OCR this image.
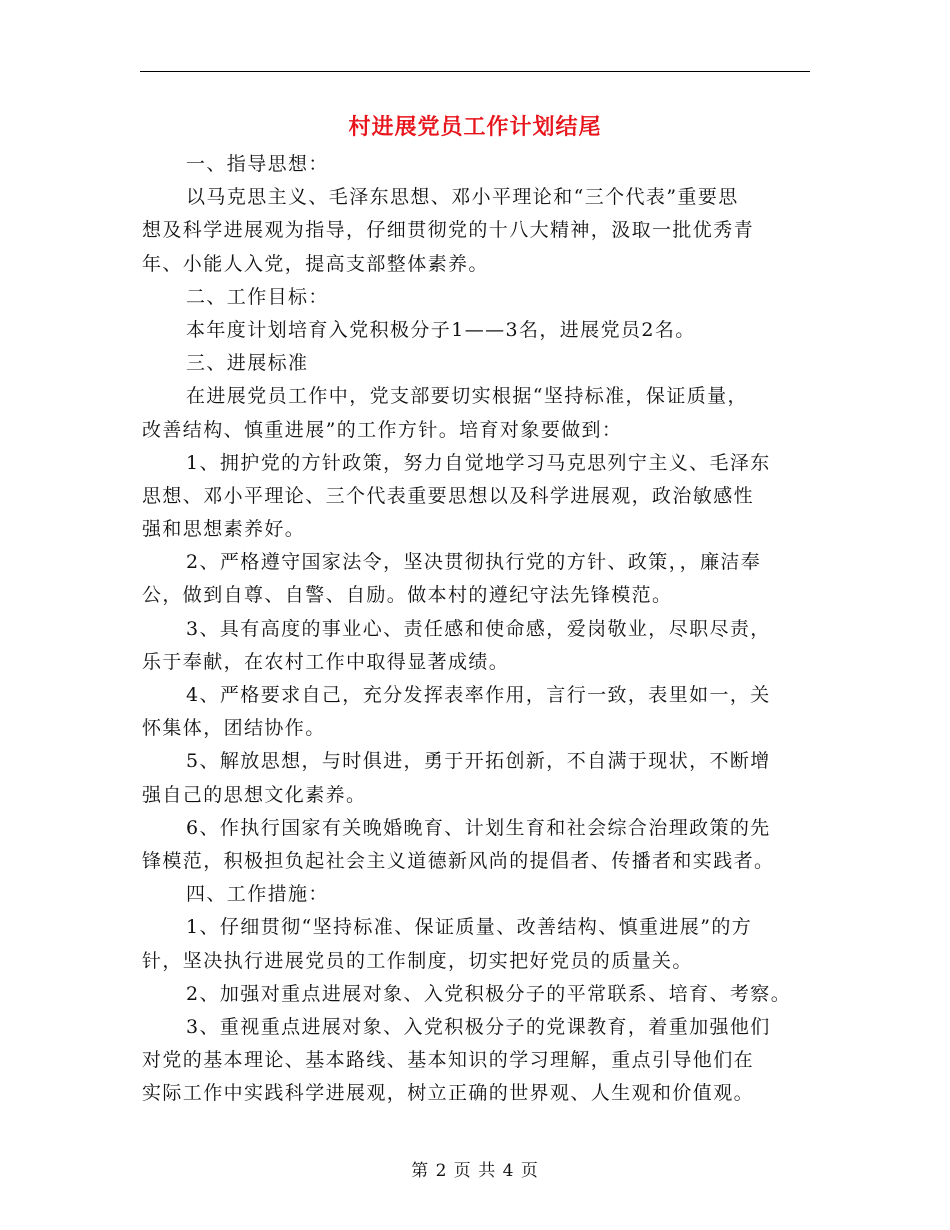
村进展党员工作计划结尾
一、指导思想：
以马克思主义、毛泽东思想、邓小平理论和“三个代表”重要思
想及科学进展观为指导，仔细贯彻党的十八大精神，汲取一批优秀青
年、小能人入党，提高支部整体素养。
二、工作目标：
本年度计划培育入党积极分子1——3名，进展党员2名。
三、进展标准
在进展党员工作中，党支部要切实根据“坚持标准，保证质量，
改善结构、慎重进展”的工作方针。培育对象要做到：
1、拥护党的方针政策，努力自觉地学习马克思列宁主义、毛泽东
思想、邓小平理论、三个代表重要思想以及科学进展观，政治敏感性
强和思想素养好。
2、严格遵守国家法令，坚决贯彻执行党的方针、政策，，廉洁奉
公，做到自尊、自警、自励。做本村的遵纪守法先锋模范。
3、具有高度的事业心、责任感和使命感，爱岗敬业，尽职尽责，
乐于奉献，在农村工作中取得显著成绩。
4、严格要求自己，充分发挥表率作用，言行一致，表里如一，关
怀集体，团结协作。
5、解放思想，与时俱进，勇于开拓创新，不自满于现状，不断增
强自己的思想文化素养。
6、作执行国家有关晚婚晚育、计划生育和社会综合治理政策的先
锋模范，积极担负起社会主义道德新风尚的提倡者、传播者和实践者。
四、工作措施：
1、仔细贯彻“坚持标准、保证质量、改善结构、慎重进展”的方
针，坚决执行进展党员的工作制度，切实把好党员的质量关。
2、加强对重点进展对象、入党积极分子的平常联系、培育、考察。
3、重视重点进展对象、入党积极分子的党课教育，着重加强他们
对党的基本理论、基本路线、基本知识的学习理解，重点引导他们在
实际工作中实践科学进展观，树立正确的世界观、人生观和价值观。
第 2 页 共 4 页
